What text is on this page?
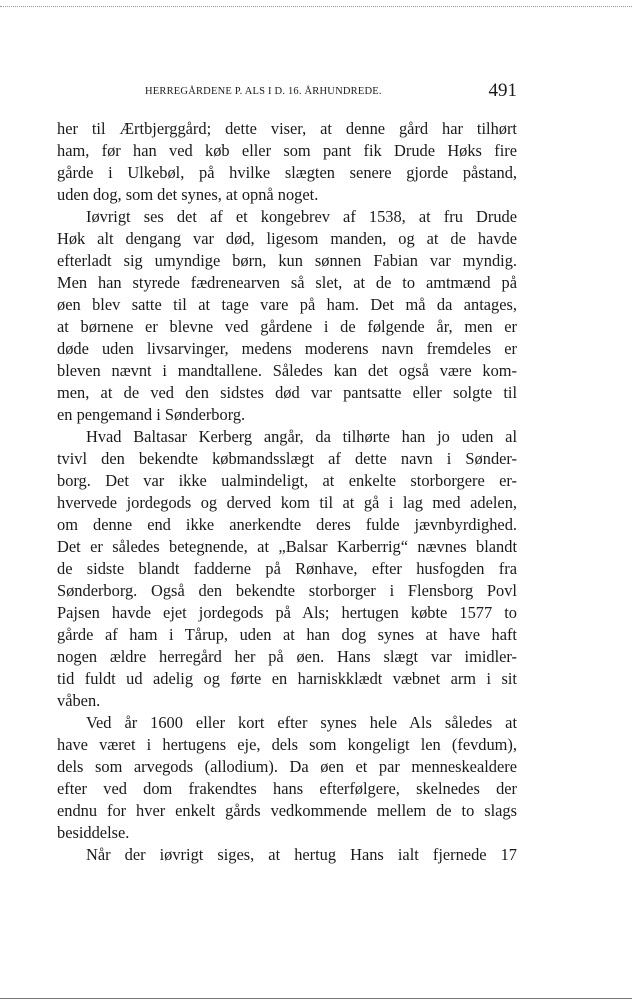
HERREGÅRDENE P. ALS I D. 16. ÅRHUNDREDE.	491
her til Ærtbjerggård; dette viser, at denne gård har tilhørt
ham, før han ved køb eller som pant fik Drude Høks fire
gårde i Ulkebøl, på hvilke slægten senere gjorde påstand,
uden dog, som det synes, at opnå noget.
Iøvrigt ses det af et kongebrev af 1538, at fru Drude
Høk alt dengang var død, ligesom manden, og at de havde
efterladt sig umyndige børn, kun sønnen Fabian var myndig.
Men han styrede fædrenearven så slet, at de to amtmænd på
øen blev satte til at tage vare på ham. Det må da antages,
at børnene er blevne ved gårdene i de følgende år, men er
døde uden livsarvinger, medens moderens navn fremdeles er
bleven nævnt i mandtallene. Således kan det også være kom-
men, at de ved den sidstes død var pantsatte eller solgte til
en pengemand i Sønderborg.
Hvad Baltasar Kerberg angår, da tilhørte han jo uden al
tvivl den bekendte købmandsslægt af dette navn i Sønder-
borg. Det var ikke ualmindeligt, at enkelte storborgere er-
hvervede jordegods og derved kom til at gå i lag med adelen,
om denne end ikke anerkendte deres fulde jævnbyrdighed.
Det er således betegnende, at „Balsar Karberrig“ nævnes blandt
de sidste blandt fadderne på Rønhave, efter husfogden fra
Sønderborg. Også den bekendte storborger i Flensborg Povl
Pajsen havde ejet jordegods på Als; hertugen købte 1577 to
gårde af ham i Tårup, uden at han dog synes at have haft
nogen ældre herregård her på øen. Hans slægt var imidler-
tid fuldt ud adelig og førte en harniskklædt væbnet arm i sit
våben.
Ved år 1600 eller kort efter synes hele Als således at
have været i hertugens eje, dels som kongeligt len (fevdum),
dels som arvegods (allodium). Da øen et par menneskealdere
efter ved dom frakendtes hans efterfølgere, skelnedes der
endnu for hver enkelt gårds vedkommende mellem de to slags
besiddelse.
Når der iøvrigt siges, at hertug Hans ialt fjernede 17
